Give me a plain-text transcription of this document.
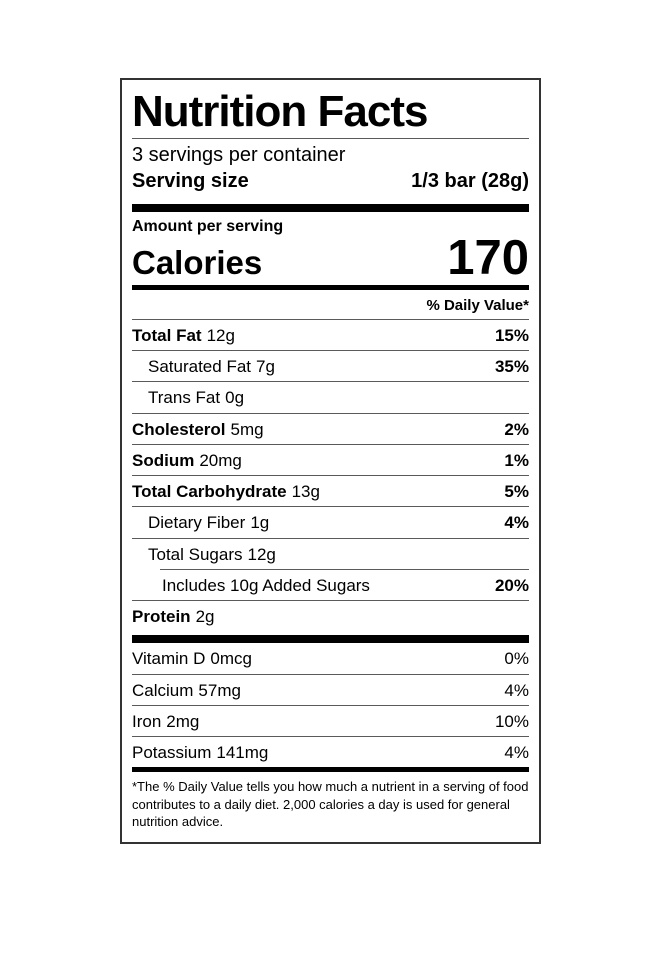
Nutrition Facts
3 servings per container
Serving size	1/3 bar (28g)
Amount per serving
Calories	170
% Daily Value*
Total Fat 12g	15%
Saturated Fat 7g	35%
Trans Fat 0g
Cholesterol 5mg	2%
Sodium 20mg	1%
Total Carbohydrate 13g	5%
Dietary Fiber 1g	4%
Total Sugars 12g
Includes 10g Added Sugars	20%
Protein 2g
Vitamin D 0mcg	0%
Calcium 57mg	4%
Iron 2mg	10%
Potassium 141mg	4%
*The % Daily Value tells you how much a nutrient in a serving of food contributes to a daily diet. 2,000 calories a day is used for general nutrition advice.
